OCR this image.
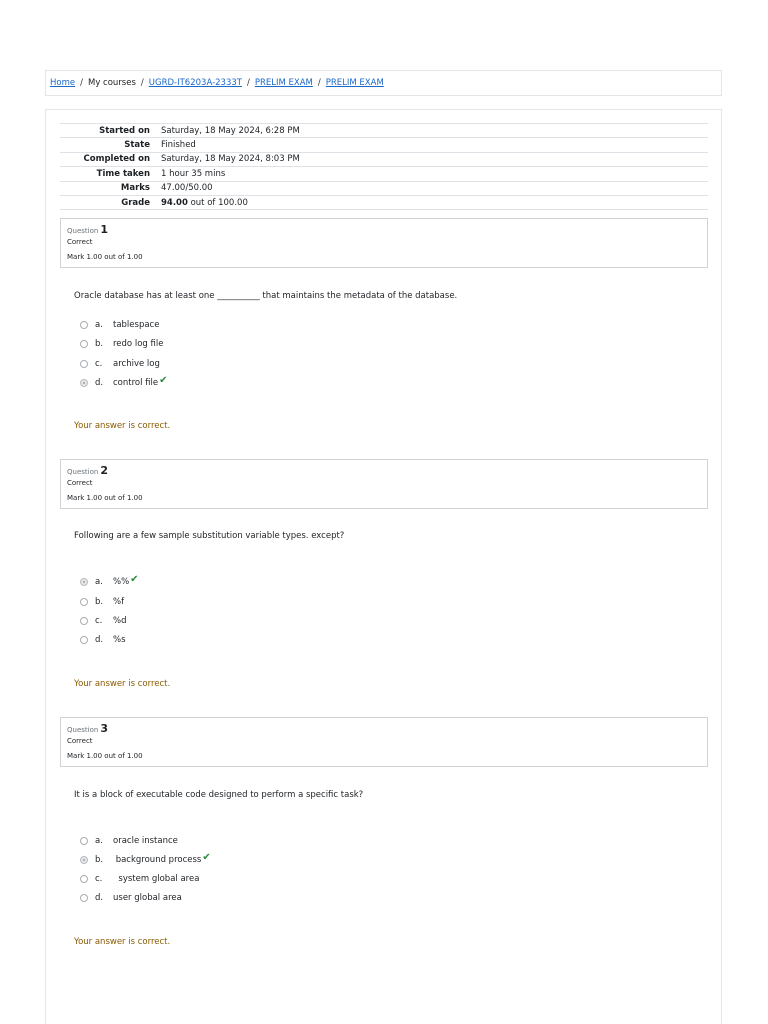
Home / My courses / UGRD-IT6203A-2333T / PRELIM EXAM / PRELIM EXAM
Started on	Saturday, 18 May 2024, 6:28 PM
State	Finished
Completed on	Saturday, 18 May 2024, 8:03 PM
Time taken	1 hour 35 mins
Marks	47.00/50.00
Grade	94.00 out of 100.00
Question 1
Correct
Mark 1.00 out of 1.00
Oracle database has at least one __________ that maintains the metadata of the database.
a.	tablespace
b.	redo log file
c.	archive log
d.	control file ✔
Your answer is correct.
Question 2
Correct
Mark 1.00 out of 1.00
Following are a few sample substitution variable types. except?
a.	%% ✔
b.	%f
c.	%d
d.	%s
Your answer is correct.
Question 3
Correct
Mark 1.00 out of 1.00
It is a block of executable code designed to perform a specific task?
a.	oracle instance
b.	background process ✔
c.	system global area
d.	user global area
Your answer is correct.
